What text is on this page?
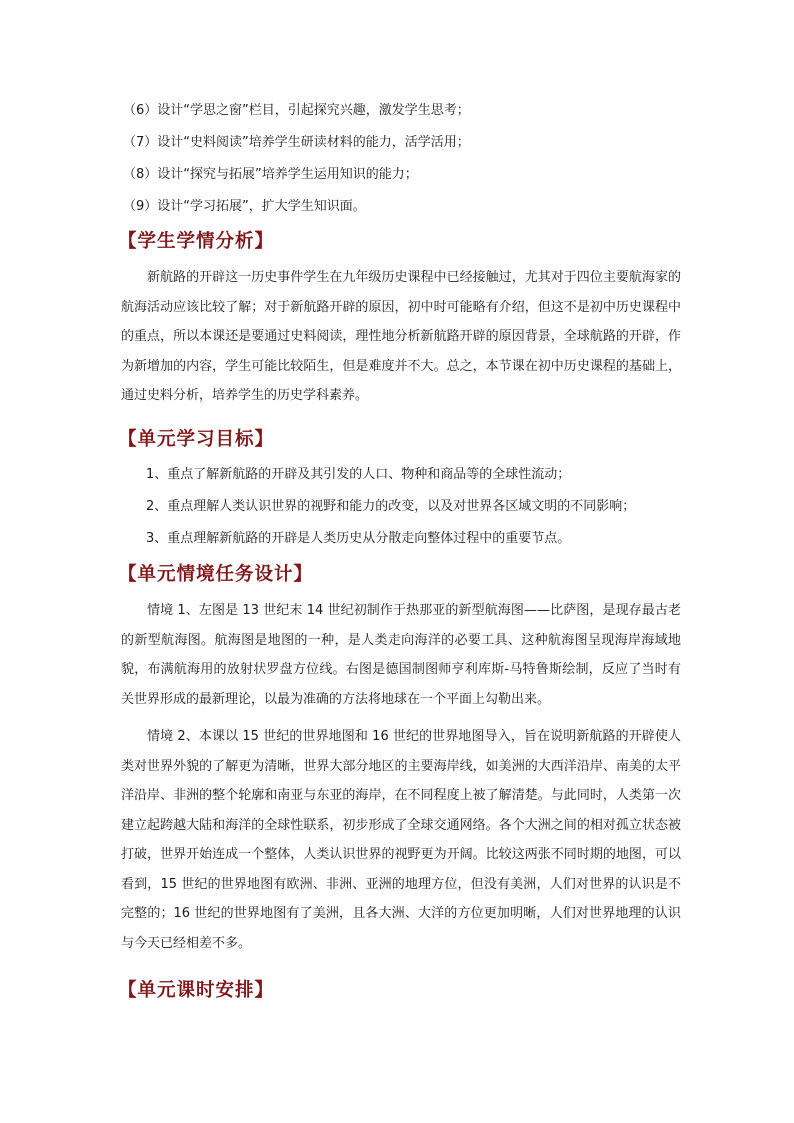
（6）设计“学思之窗”栏目，引起探究兴趣，激发学生思考；
（7）设计“史料阅读”培养学生研读材料的能力，活学活用；
（8）设计“探究与拓展”培养学生运用知识的能力；
（9）设计“学习拓展”，扩大学生知识面。
【学生学情分析】
新航路的开辟这一历史事件学生在九年级历史课程中已经接触过，尤其对于四位主要航海家的航海活动应该比较了解；对于新航路开辟的原因，初中时可能略有介绍，但这不是初中历史课程中的重点，所以本课还是要通过史料阅读，理性地分析新航路开辟的原因背景，全球航路的开辟，作为新增加的内容，学生可能比较陌生，但是难度并不大。总之，本节课在初中历史课程的基础上，通过史料分析，培养学生的历史学科素养。
【单元学习目标】
1、重点了解新航路的开辟及其引发的人口、物种和商品等的全球性流动；
2、重点理解人类认识世界的视野和能力的改变，以及对世界各区域文明的不同影响；
3、重点理解新航路的开辟是人类历史从分散走向整体过程中的重要节点。
【单元情境任务设计】
情境 1、左图是 13 世纪末 14 世纪初制作于热那亚的新型航海图——比萨图，是现存最古老的新型航海图。航海图是地图的一种，是人类走向海洋的必要工具、这种航海图呈现海岸海域地貌，布满航海用的放射状罗盘方位线。右图是德国制图师亨利库斯-马特鲁斯绘制，反应了当时有关世界形成的最新理论，以最为准确的方法将地球在一个平面上勾勒出来。
情境 2、本课以 15 世纪的世界地图和 16 世纪的世界地图导入，旨在说明新航路的开辟使人类对世界外貌的了解更为清晰，世界大部分地区的主要海岸线，如美洲的大西洋沿岸、南美的太平洋沿岸、非洲的整个轮廓和南亚与东亚的海岸，在不同程度上被了解清楚。与此同时，人类第一次建立起跨越大陆和海洋的全球性联系，初步形成了全球交通网络。各个大洲之间的相对孤立状态被打破，世界开始连成一个整体，人类认识世界的视野更为开阔。比较这两张不同时期的地图，可以看到，15 世纪的世界地图有欧洲、非洲、亚洲的地理方位，但没有美洲，人们对世界的认识是不完整的；16 世纪的世界地图有了美洲，且各大洲、大洋的方位更加明晰，人们对世界地理的认识与今天已经相差不多。
【单元课时安排】
